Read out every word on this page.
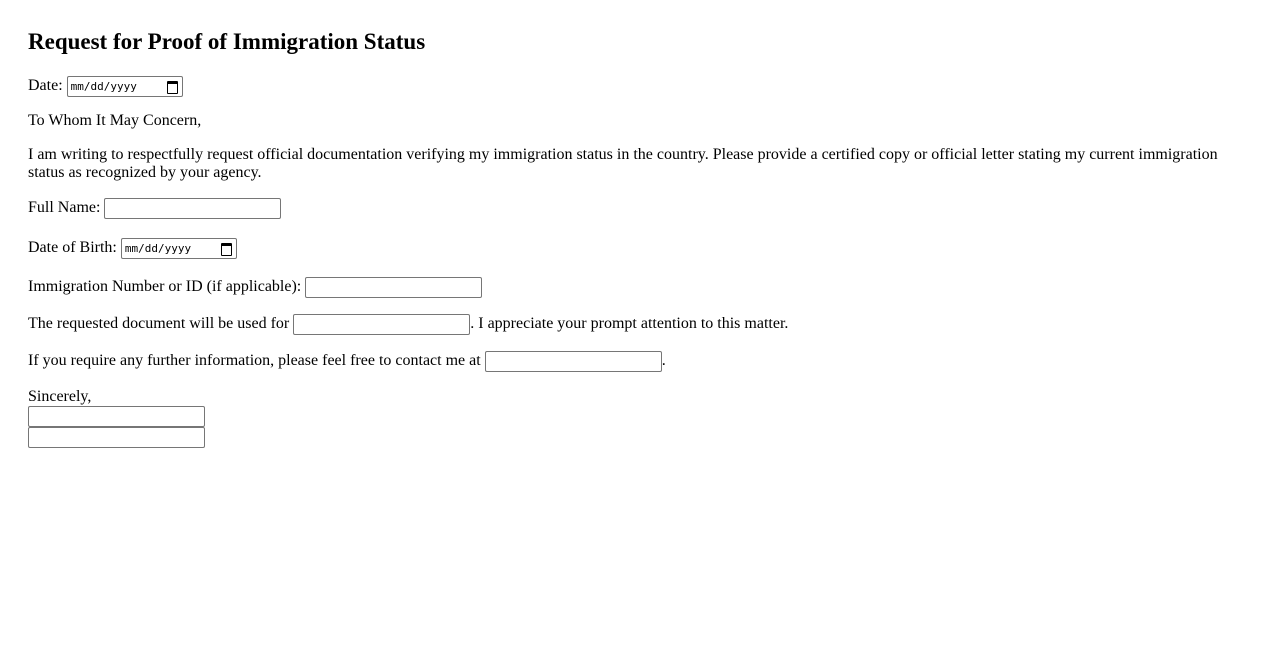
Request for Proof of Immigration Status
Date: mm/dd/yyyy
To Whom It May Concern,
I am writing to respectfully request official documentation verifying my immigration status in the country. Please provide a certified copy or official letter stating my current immigration status as recognized by your agency.
Full Name:
Date of Birth: mm/dd/yyyy
Immigration Number or ID (if applicable):
The requested document will be used for	. I appreciate your prompt attention to this matter.
If you require any further information, please feel free to contact me at	.
Sincerely,
